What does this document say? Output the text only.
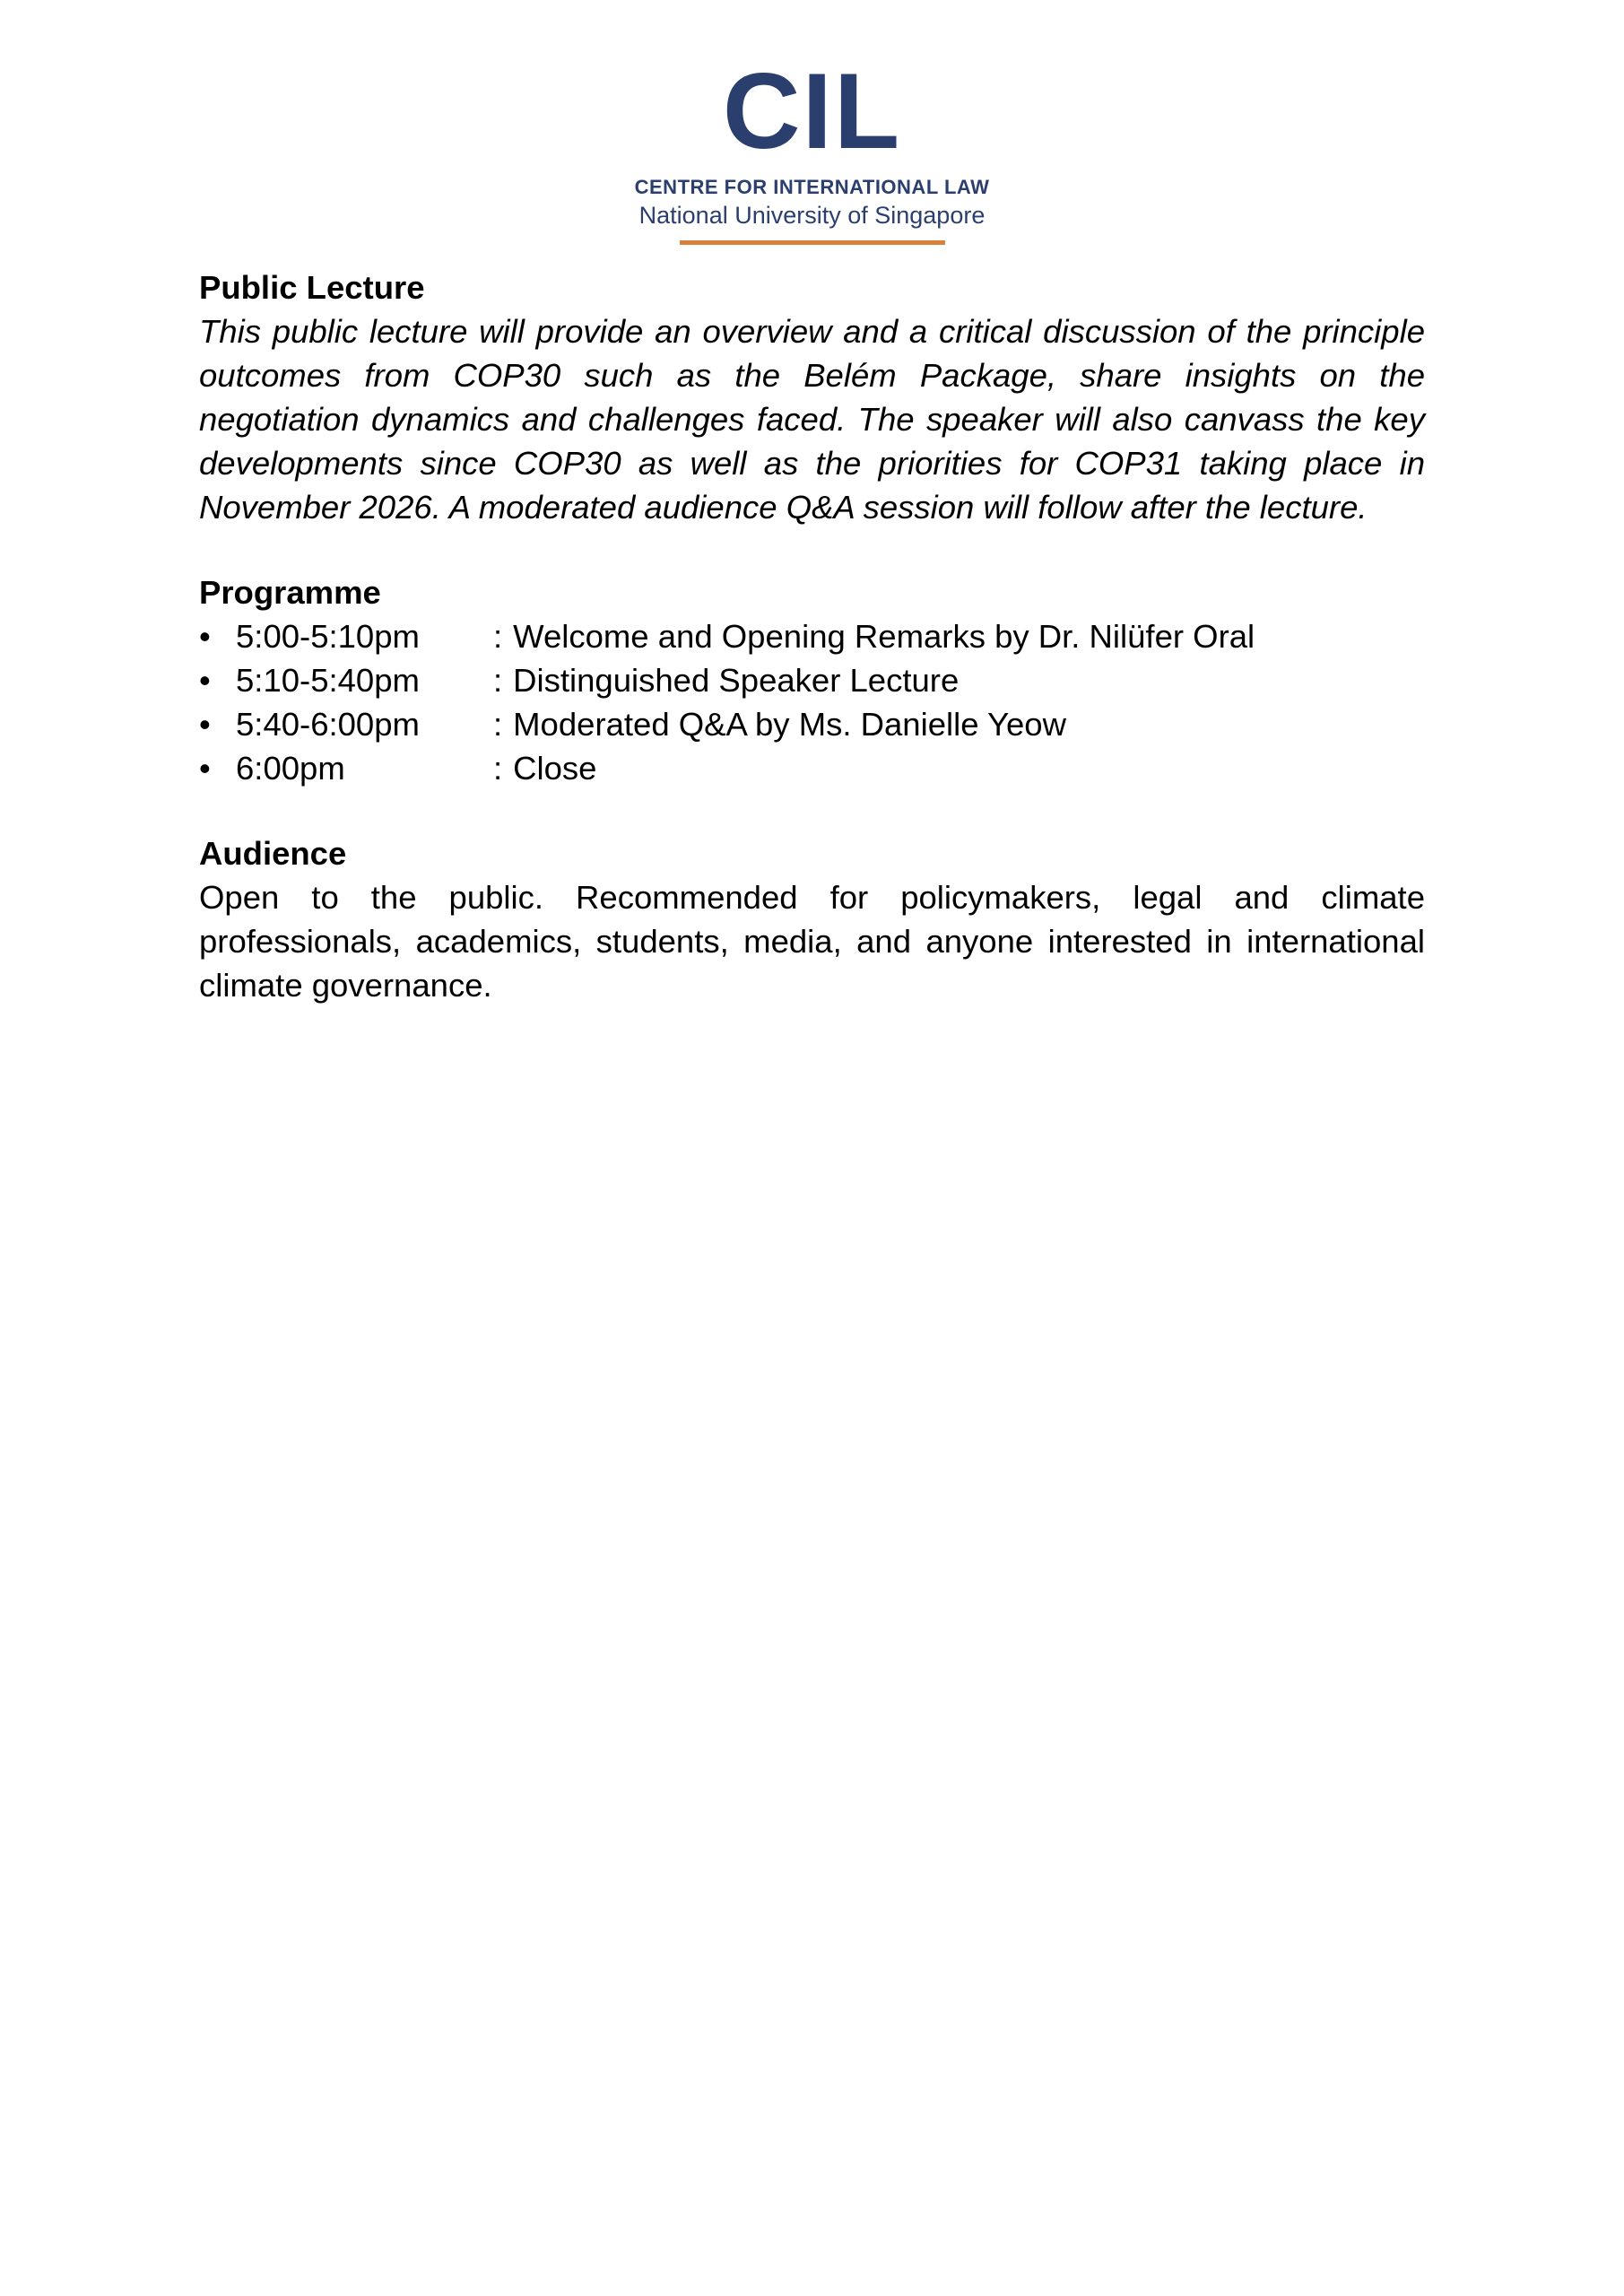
CIL
CENTRE FOR INTERNATIONAL LAW
National University of Singapore
Public Lecture
This public lecture will provide an overview and a critical discussion of the principle outcomes from COP30 such as the Belém Package, share insights on the negotiation dynamics and challenges faced. The speaker will also canvass the key developments since COP30 as well as the priorities for COP31 taking place in November 2026. A moderated audience Q&A session will follow after the lecture.
Programme
• 5:00-5:10pm	: Welcome and Opening Remarks by Dr. Nilüfer Oral
• 5:10-5:40pm	: Distinguished Speaker Lecture
• 5:40-6:00pm	: Moderated Q&A by Ms. Danielle Yeow
• 6:00pm	: Close
Audience
Open to the public. Recommended for policymakers, legal and climate professionals, academics, students, media, and anyone interested in international climate governance.
